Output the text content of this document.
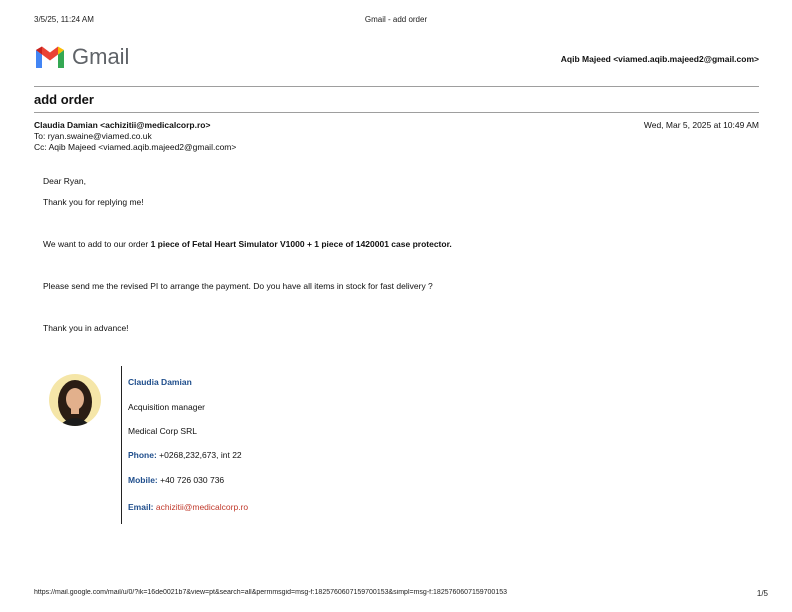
3/5/25, 11:24 AM	Gmail - add order
Gmail	Aqib Majeed <viamed.aqib.majeed2@gmail.com>
add order
Claudia Damian <achizitii@medicalcorp.ro>	Wed, Mar 5, 2025 at 10:49 AM
To: ryan.swaine@viamed.co.uk
Cc: Aqib Majeed <viamed.aqib.majeed2@gmail.com>
Dear Ryan,
Thank you for replying me!
We want to add to our order 1 piece of Fetal Heart Simulator V1000 + 1 piece of 1420001 case protector.
Please send me the revised PI to arrange the payment. Do you have all items in stock for fast delivery ?
Thank you in advance!
Claudia Damian
Acquisition manager
Medical Corp SRL
Phone: +0268,232,673, int 22
Mobile: +40 726 030 736
Email: achizitii@medicalcorp.ro
https://mail.google.com/mail/u/0/?ik=16de0021b7&view=pt&search=all&permmsgid=msg-f:1825760607159700153&simpl=msg-f:1825760607159700153	1/5
